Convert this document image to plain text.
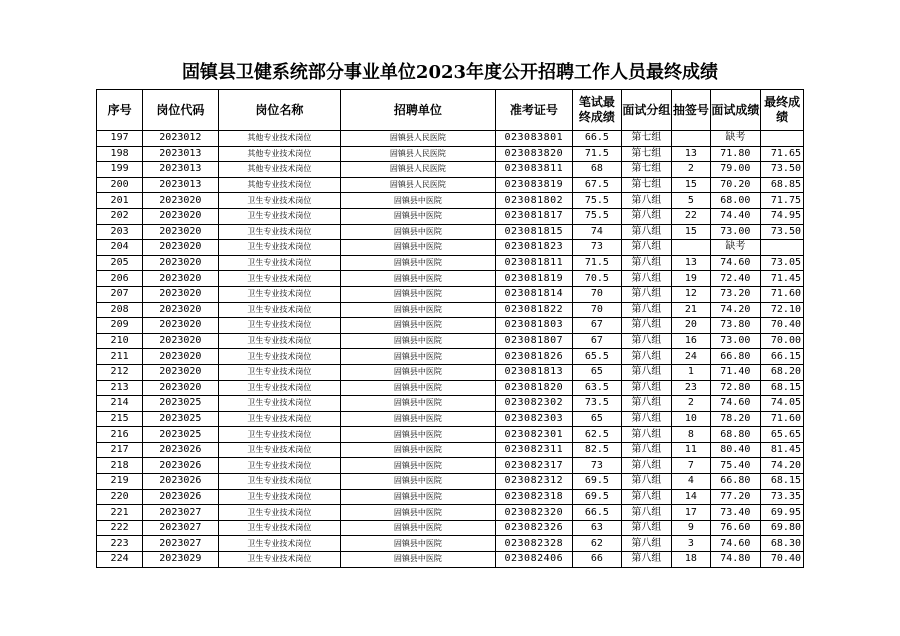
固镇县卫健系统部分事业单位2023年度公开招聘工作人员最终成绩
序号	岗位代码	岗位名称	招聘单位	准考证号	笔试最终成绩	面试分组	抽签号	面试成绩	最终成绩
197	2023012	其他专业技术岗位	固镇县人民医院	023083801	66.5	第七组		缺考	
198	2023013	其他专业技术岗位	固镇县人民医院	023083820	71.5	第七组	13	71.80	71.65
199	2023013	其他专业技术岗位	固镇县人民医院	023083811	68	第七组	2	79.00	73.50
200	2023013	其他专业技术岗位	固镇县人民医院	023083819	67.5	第七组	15	70.20	68.85
201	2023020	卫生专业技术岗位	固镇县中医院	023081802	75.5	第八组	5	68.00	71.75
202	2023020	卫生专业技术岗位	固镇县中医院	023081817	75.5	第八组	22	74.40	74.95
203	2023020	卫生专业技术岗位	固镇县中医院	023081815	74	第八组	15	73.00	73.50
204	2023020	卫生专业技术岗位	固镇县中医院	023081823	73	第八组		缺考	
205	2023020	卫生专业技术岗位	固镇县中医院	023081811	71.5	第八组	13	74.60	73.05
206	2023020	卫生专业技术岗位	固镇县中医院	023081819	70.5	第八组	19	72.40	71.45
207	2023020	卫生专业技术岗位	固镇县中医院	023081814	70	第八组	12	73.20	71.60
208	2023020	卫生专业技术岗位	固镇县中医院	023081822	70	第八组	21	74.20	72.10
209	2023020	卫生专业技术岗位	固镇县中医院	023081803	67	第八组	20	73.80	70.40
210	2023020	卫生专业技术岗位	固镇县中医院	023081807	67	第八组	16	73.00	70.00
211	2023020	卫生专业技术岗位	固镇县中医院	023081826	65.5	第八组	24	66.80	66.15
212	2023020	卫生专业技术岗位	固镇县中医院	023081813	65	第八组	1	71.40	68.20
213	2023020	卫生专业技术岗位	固镇县中医院	023081820	63.5	第八组	23	72.80	68.15
214	2023025	卫生专业技术岗位	固镇县中医院	023082302	73.5	第八组	2	74.60	74.05
215	2023025	卫生专业技术岗位	固镇县中医院	023082303	65	第八组	10	78.20	71.60
216	2023025	卫生专业技术岗位	固镇县中医院	023082301	62.5	第八组	8	68.80	65.65
217	2023026	卫生专业技术岗位	固镇县中医院	023082311	82.5	第八组	11	80.40	81.45
218	2023026	卫生专业技术岗位	固镇县中医院	023082317	73	第八组	7	75.40	74.20
219	2023026	卫生专业技术岗位	固镇县中医院	023082312	69.5	第八组	4	66.80	68.15
220	2023026	卫生专业技术岗位	固镇县中医院	023082318	69.5	第八组	14	77.20	73.35
221	2023027	卫生专业技术岗位	固镇县中医院	023082320	66.5	第八组	17	73.40	69.95
222	2023027	卫生专业技术岗位	固镇县中医院	023082326	63	第八组	9	76.60	69.80
223	2023027	卫生专业技术岗位	固镇县中医院	023082328	62	第八组	3	74.60	68.30
224	2023029	卫生专业技术岗位	固镇县中医院	023082406	66	第八组	18	74.80	70.40
